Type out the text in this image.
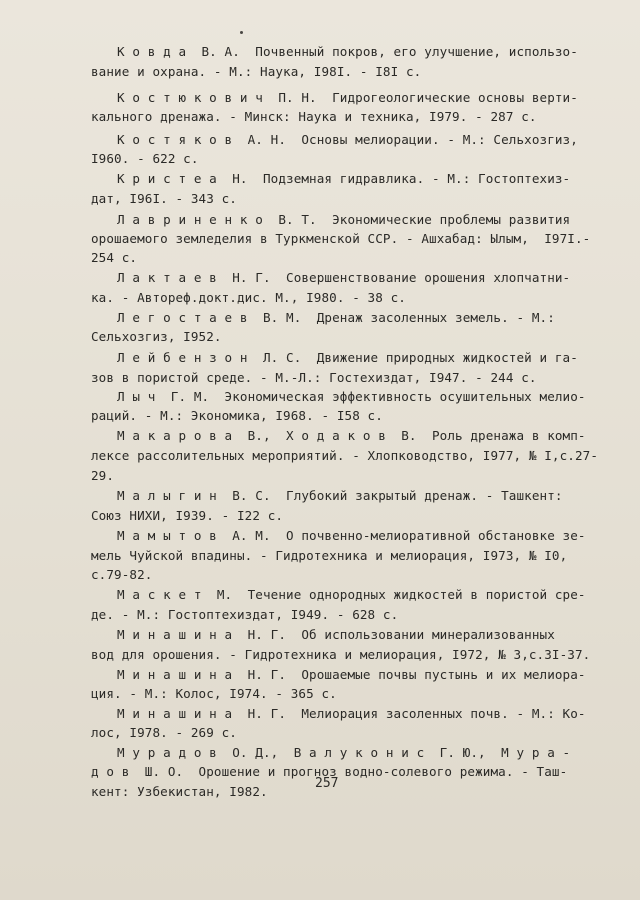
К о в д а  В. А.  Почвенный покров, его улучшение, использо-
вание и охрана. - М.: Наука, I98I. - I8I с.
К о с т ю к о в и ч  П. Н.  Гидрогеологические основы верти-
кального дренажа. - Минск: Наука и техника, I979. - 287 с.
К о с т я к о в  А. Н.  Основы мелиорации. - М.: Сельхозгиз,
I960. - 622 с.
К р и с т е а  Н.  Подземная гидравлика. - М.: Гостоптехиз-
дат, I96I. - 343 с.
Л а в р и н е н к о  В. Т.  Экономические проблемы развития
орошаемого земледелия в Туркменской ССР. - Ашхабад: Ылым,  I97I.-
254 с.
Л а к т а е в  Н. Г.  Совершенствование орошения хлопчатни-
ка. - Автореф.докт.дис. М., I980. - 38 с.
Л е г о с т а е в  В. М.  Дренаж засоленных земель. - М.:
Сельхозгиз, I952.
Л е й б е н з о н  Л. С.  Движение природных жидкостей и га-
зов в пористой среде. - М.-Л.: Гостехиздат, I947. - 244 с.
Л ы ч  Г. М.  Экономическая эффективность осушительных мелио-
раций. - М.: Экономика, I968. - I58 с.
М а к а р о в а  В.,  Х о д а к о в  В.  Роль дренажа в комп-
лексе рассолительных мероприятий. - Хлопководство, I977, № I,с.27-
29.
М а л ы г и н  В. С.  Глубокий закрытый дренаж. - Ташкент:
Союз НИХИ, I939. - I22 с.
М а м ы т о в  А. М.  О почвенно-мелиоративной обстановке зе-
мель Чуйской впадины. - Гидротехника и мелиорация, I973, № I0,
с.79-82.
М а с к е т  М.  Течение однородных жидкостей в пористой сре-
де. - М.: Гостоптехиздат, I949. - 628 с.
М и н а ш и н а  Н. Г.  Об использовании минерализованных
вод для орошения. - Гидротехника и мелиорация, I972, № 3,с.3I-37.
М и н а ш и н а  Н. Г.  Орошаемые почвы пустынь и их мелиора-
ция. - М.: Колос, I974. - 365 с.
М и н а ш и н а  Н. Г.  Мелиорация засоленных почв. - М.: Ко-
лос, I978. - 269 с.
М у р а д о в  О. Д.,  В а л у к о н и с  Г. Ю.,  М у р а -
д о в  Ш. О.  Орошение и прогноз водно-солевого режима. - Таш-
кент: Узбекистан, I982.
257
